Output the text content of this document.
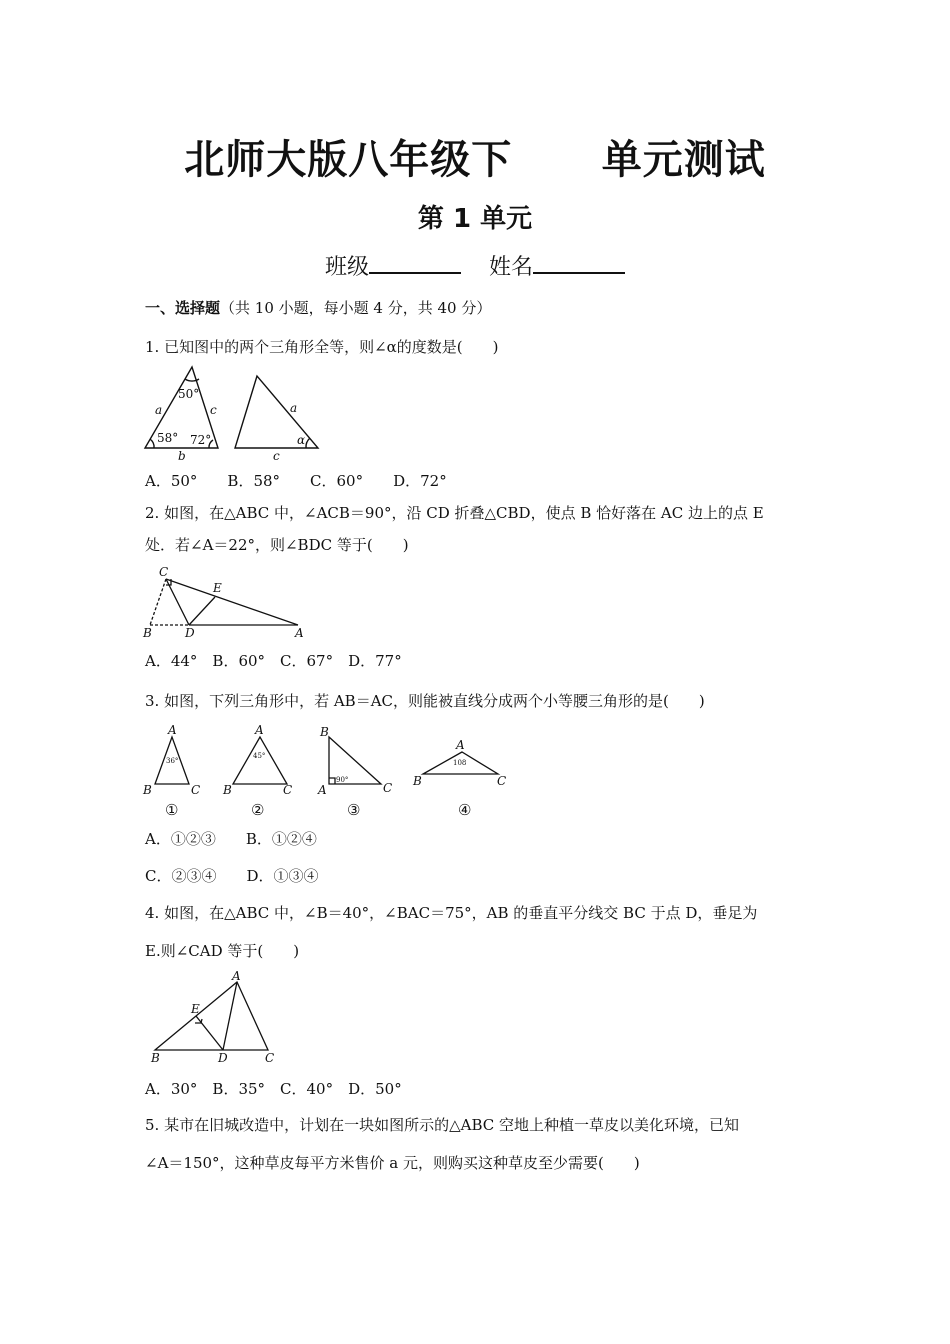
北师大版八年级下      单元测试
第 1 单元
班级	姓名
一、选择题（共 10 小题，每小题 4 分，共 40 分）
1. 已知图中的两个三角形全等，则∠α的度数是(　　)
50°
a	c
58° 72°
b
a
α
c
A．50°　　B．58°　　C．60°　　D．72°
2. 如图，在△ABC 中，∠ACB＝90°，沿 CD 折叠△CBD，使点 B 恰好落在 AC 边上的点 E
处．若∠A＝22°，则∠BDC 等于(　　)
C
E
B	D	A
A．44°　B．60°　C．67°　D．77°
3. 如图，下列三角形中，若 AB＝AC，则能被直线分成两个小等腰三角形的是(　　)
A
B	C
A
B	C
B
A	C
A
B	C
36°
45°
90°
108
①	②	③	④
A．①②③　　B．①②④
C．②③④　　D．①③④
4. 如图，在△ABC 中，∠B＝40°，∠BAC＝75°，AB 的垂直平分线交 BC 于点 D，垂足为
E.则∠CAD 等于(　　)
A
E
B	D	C
A．30°　B．35°　C．40°　D．50°
5. 某市在旧城改造中，计划在一块如图所示的△ABC 空地上种植一草皮以美化环境，已知
∠A＝150°，这种草皮每平方米售价 a 元，则购买这种草皮至少需要(　　)
